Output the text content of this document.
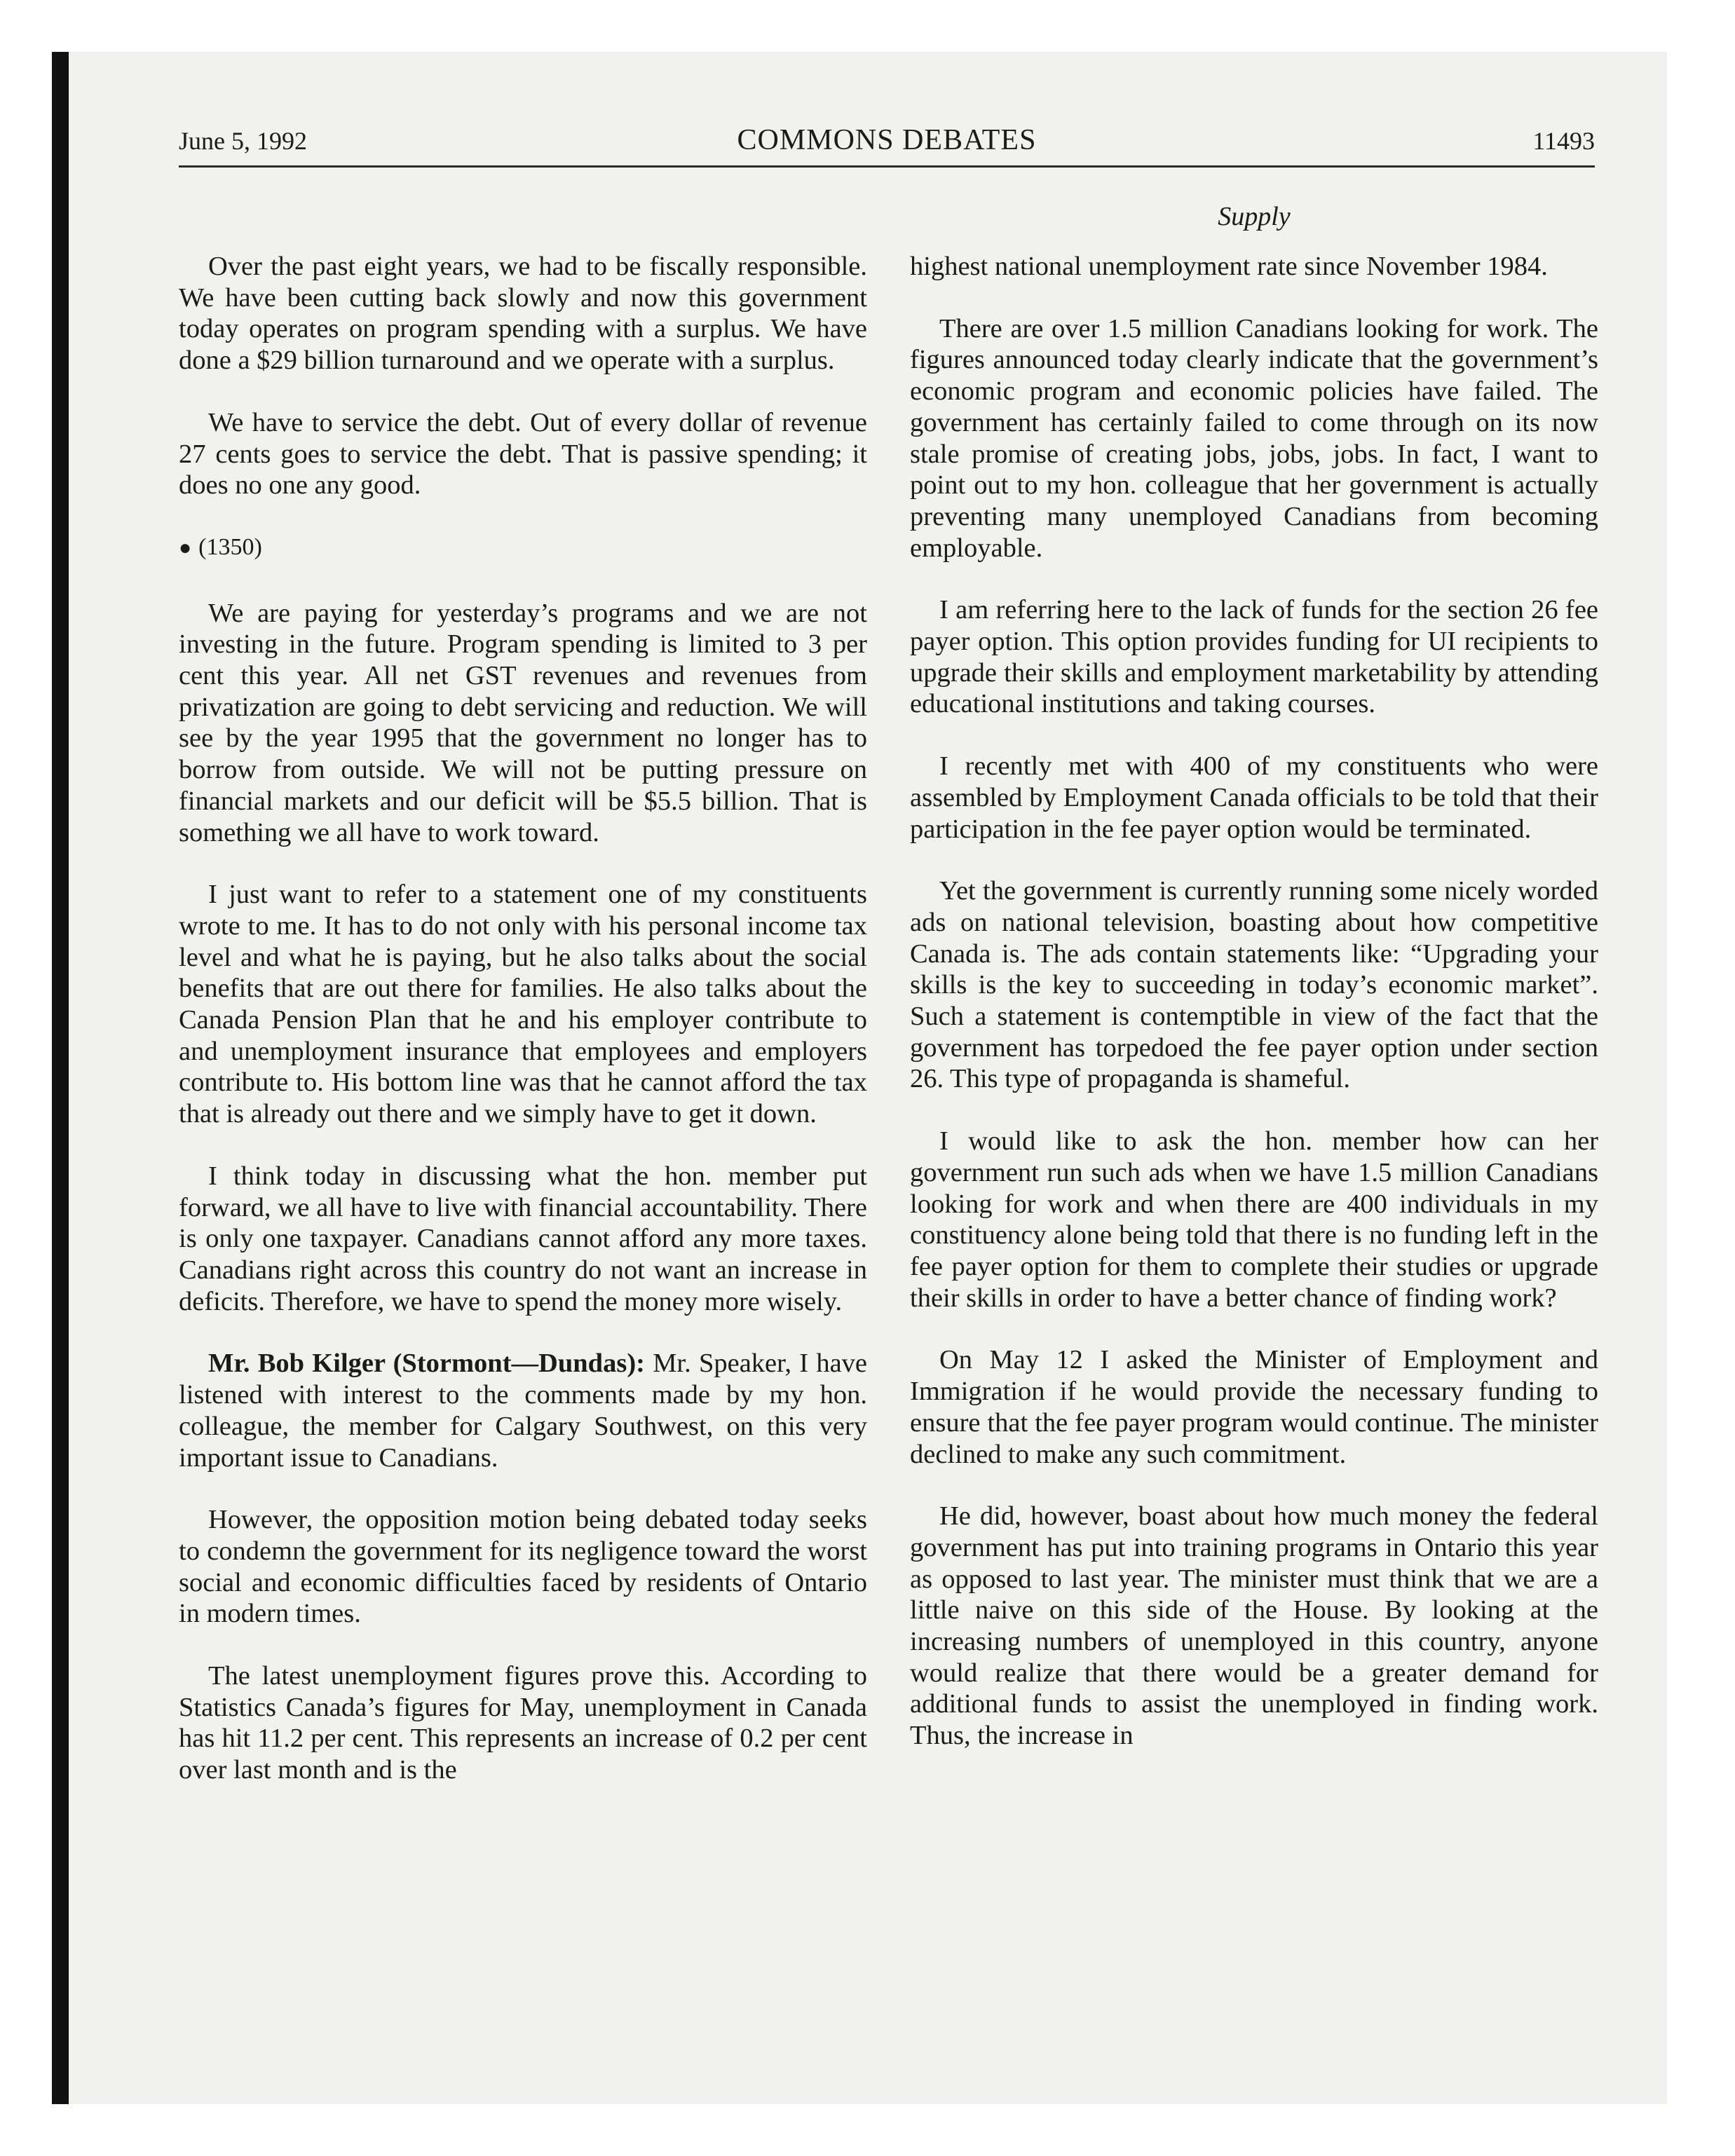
June 5, 1992	COMMONS DEBATES	11493
Supply

Over the past eight years, we had to be fiscally responsible. We have been cutting back slowly and now this government today operates on program spending with a surplus. We have done a $29 billion turnaround and we operate with a surplus.

We have to service the debt. Out of every dollar of revenue 27 cents goes to service the debt. That is passive spending; it does no one any good.

● (1350)

We are paying for yesterday’s programs and we are not investing in the future. Program spending is limited to 3 per cent this year. All net GST revenues and revenues from privatization are going to debt servicing and reduction. We will see by the year 1995 that the government no longer has to borrow from outside. We will not be putting pressure on financial markets and our deficit will be $5.5 billion. That is something we all have to work toward.

I just want to refer to a statement one of my constituents wrote to me. It has to do not only with his personal income tax level and what he is paying, but he also talks about the social benefits that are out there for families. He also talks about the Canada Pension Plan that he and his employer contribute to and unemployment insurance that employees and employers contribute to. His bottom line was that he cannot afford the tax that is already out there and we simply have to get it down.

I think today in discussing what the hon. member put forward, we all have to live with financial accountability. There is only one taxpayer. Canadians cannot afford any more taxes. Canadians right across this country do not want an increase in deficits. Therefore, we have to spend the money more wisely.

Mr. Bob Kilger (Stormont—Dundas): Mr. Speaker, I have listened with interest to the comments made by my hon. colleague, the member for Calgary Southwest, on this very important issue to Canadians.

However, the opposition motion being debated today seeks to condemn the government for its negligence toward the worst social and economic difficulties faced by residents of Ontario in modern times.

The latest unemployment figures prove this. According to Statistics Canada’s figures for May, unemployment in Canada has hit 11.2 per cent. This represents an increase of 0.2 per cent over last month and is the

highest national unemployment rate since November 1984.

There are over 1.5 million Canadians looking for work. The figures announced today clearly indicate that the government’s economic program and economic policies have failed. The government has certainly failed to come through on its now stale promise of creating jobs, jobs, jobs. In fact, I want to point out to my hon. colleague that her government is actually preventing many unemployed Canadians from becoming employable.

I am referring here to the lack of funds for the section 26 fee payer option. This option provides funding for UI recipients to upgrade their skills and employment marketability by attending educational institutions and taking courses.

I recently met with 400 of my constituents who were assembled by Employment Canada officials to be told that their participation in the fee payer option would be terminated.

Yet the government is currently running some nicely worded ads on national television, boasting about how competitive Canada is. The ads contain statements like: “Upgrading your skills is the key to succeeding in today’s economic market”. Such a statement is contemptible in view of the fact that the government has torpedoed the fee payer option under section 26. This type of propaganda is shameful.

I would like to ask the hon. member how can her government run such ads when we have 1.5 million Canadians looking for work and when there are 400 individuals in my constituency alone being told that there is no funding left in the fee payer option for them to complete their studies or upgrade their skills in order to have a better chance of finding work?

On May 12 I asked the Minister of Employment and Immigration if he would provide the necessary funding to ensure that the fee payer program would continue. The minister declined to make any such commitment.

He did, however, boast about how much money the federal government has put into training programs in Ontario this year as opposed to last year. The minister must think that we are a little naive on this side of the House. By looking at the increasing numbers of unemployed in this country, anyone would realize that there would be a greater demand for additional funds to assist the unemployed in finding work. Thus, the increase in
